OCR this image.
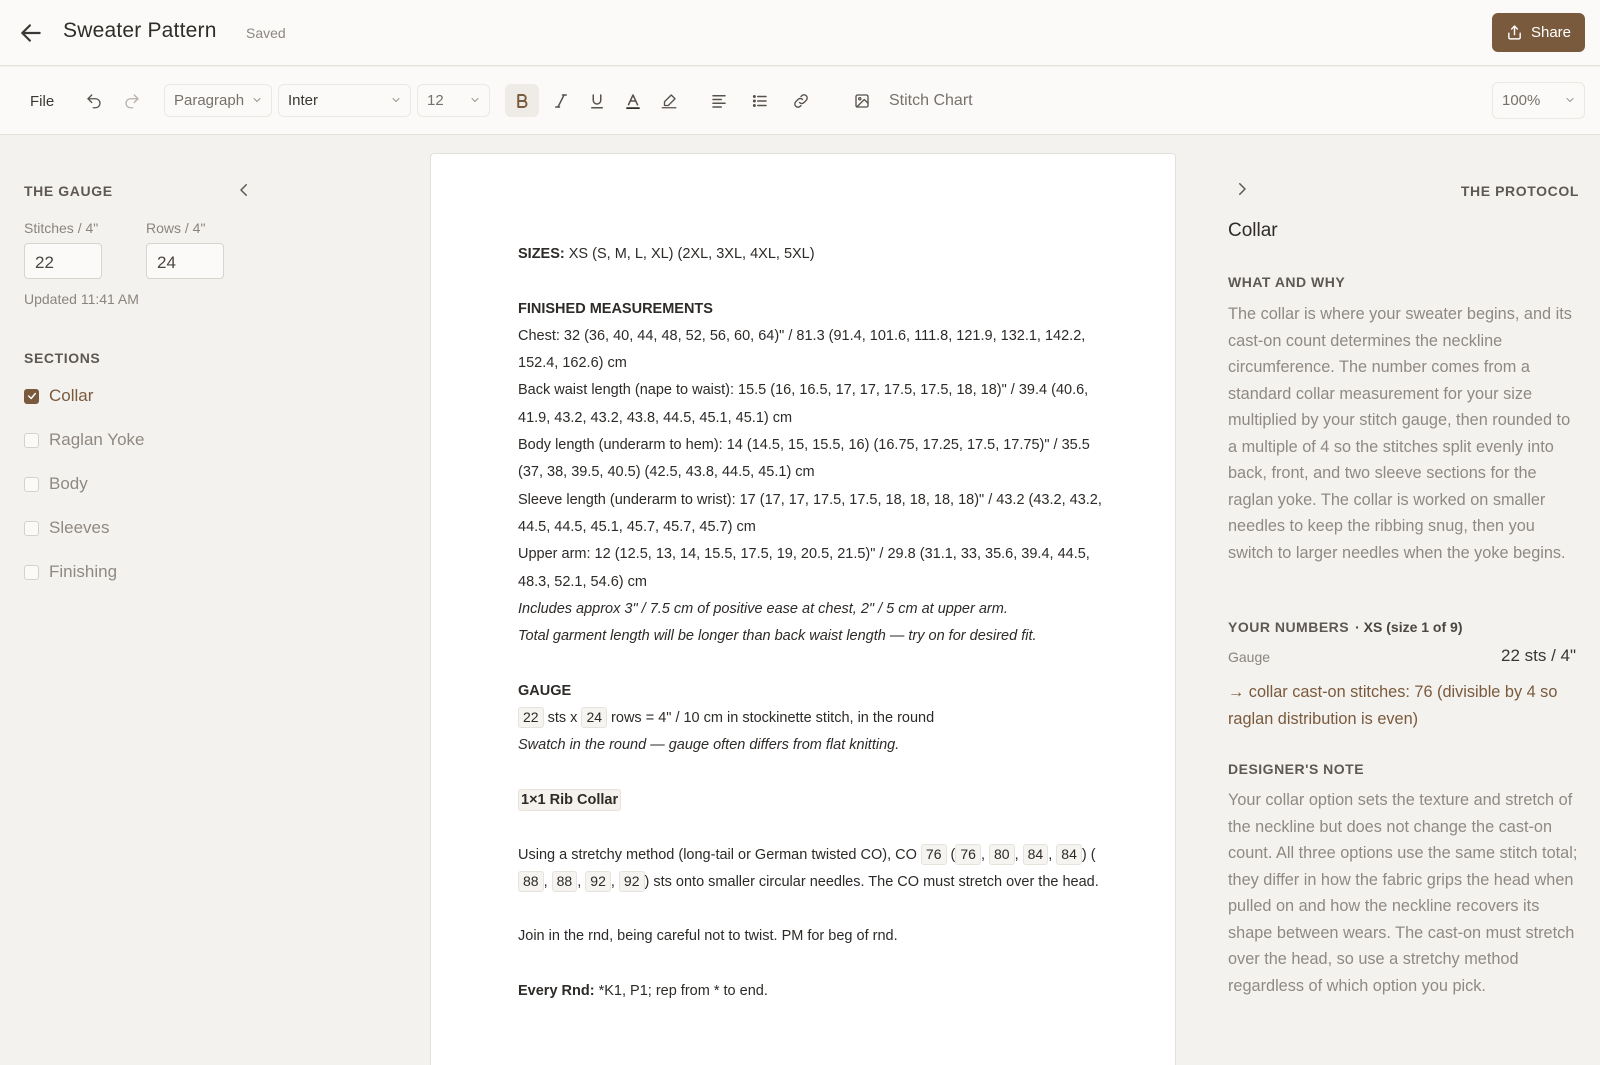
Sweater Pattern Saved	Share
File	Paragraph	Inter	12	Stitch Chart	100%
THE GAUGE
Stitches / 4"	Rows / 4"
22	24
Updated 11:41 AM
SECTIONS
Collar
Raglan Yoke
Body
Sleeves
Finishing

SIZES: XS (S, M, L, XL) (2XL, 3XL, 4XL, 5XL)

FINISHED MEASUREMENTS

Chest: 32 (36, 40, 44, 48, 52, 56, 60, 64)" / 81.3 (91.4, 101.6, 111.8, 121.9, 132.1, 142.2, 152.4, 162.6) cm

Back waist length (nape to waist): 15.5 (16, 16.5, 17, 17, 17.5, 17.5, 18, 18)" / 39.4 (40.6, 41.9, 43.2, 43.2, 43.8, 44.5, 45.1, 45.1) cm

Body length (underarm to hem): 14 (14.5, 15, 15.5, 16) (16.75, 17.25, 17.5, 17.75)" / 35.5 (37, 38, 39.5, 40.5) (42.5, 43.8, 44.5, 45.1) cm

Sleeve length (underarm to wrist): 17 (17, 17, 17.5, 17.5, 18, 18, 18, 18)" / 43.2 (43.2, 43.2, 44.5, 44.5, 45.1, 45.7, 45.7, 45.7) cm

Upper arm: 12 (12.5, 13, 14, 15.5, 17.5, 19, 20.5, 21.5)" / 29.8 (31.1, 33, 35.6, 39.4, 44.5, 48.3, 52.1, 54.6) cm

Includes approx 3" / 7.5 cm of positive ease at chest, 2" / 5 cm at upper arm.

Total garment length will be longer than back waist length — try on for desired fit.

GAUGE

22 sts x 24 rows = 4" / 10 cm in stockinette stitch, in the round

Swatch in the round — gauge often differs from flat knitting.

1×1 Rib Collar

Using a stretchy method (long-tail or German twisted CO), CO 76 ( 76 , 80 , 84 , 84 ) (88 , 88 , 92 , 92 ) sts onto smaller circular needles. The CO must stretch over the head.

Join in the rnd, being careful not to twist. PM for beg of rnd.

Every Rnd: *K1, P1; rep from * to end.

THE PROTOCOL
Collar
WHAT AND WHY
The collar is where your sweater begins, and its cast-on count determines the neckline circumference. The number comes from a standard collar measurement for your size multiplied by your stitch gauge, then rounded to a multiple of 4 so the stitches split evenly into back, front, and two sleeve sections for the raglan yoke. The collar is worked on smaller needles to keep the ribbing snug, then you switch to larger needles when the yoke begins.
YOUR NUMBERS · XS (size 1 of 9)
Gauge	22 sts / 4"
→ collar cast-on stitches: 76 (divisible by 4 so raglan distribution is even)
DESIGNER'S NOTE
Your collar option sets the texture and stretch of the neckline but does not change the cast-on count. All three options use the same stitch total; they differ in how the fabric grips the head when pulled on and how the neckline recovers its shape between wears. The cast-on must stretch over the head, so use a stretchy method regardless of which option you pick.
